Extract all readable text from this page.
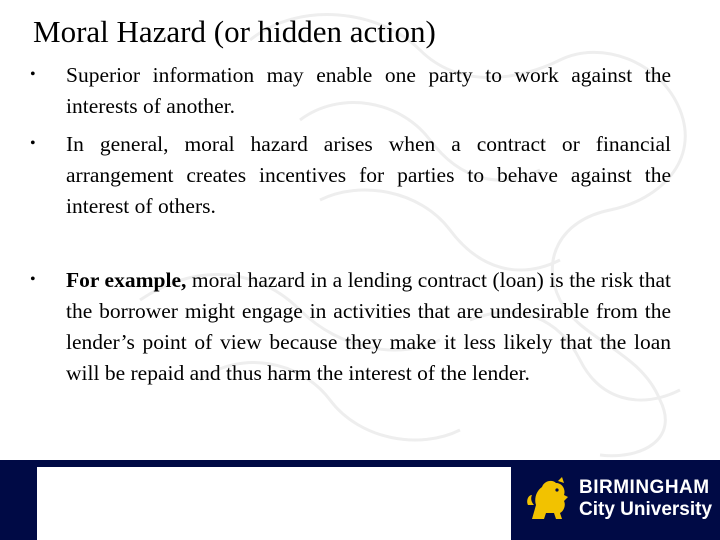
Moral Hazard (or hidden action)
• Superior information may enable one party to work against the interests of another.
• In general, moral hazard arises when a contract or financial arrangement creates incentives for parties to behave against the interest of others.
• For example, moral hazard in a lending contract (loan) is the risk that the borrower might engage in activities that are undesirable from the lender’s point of view because they make it less likely that the loan will be repaid and thus harm the interest of the lender.
Casu et al 2006: 11-12	BIRMINGHAM
City University
